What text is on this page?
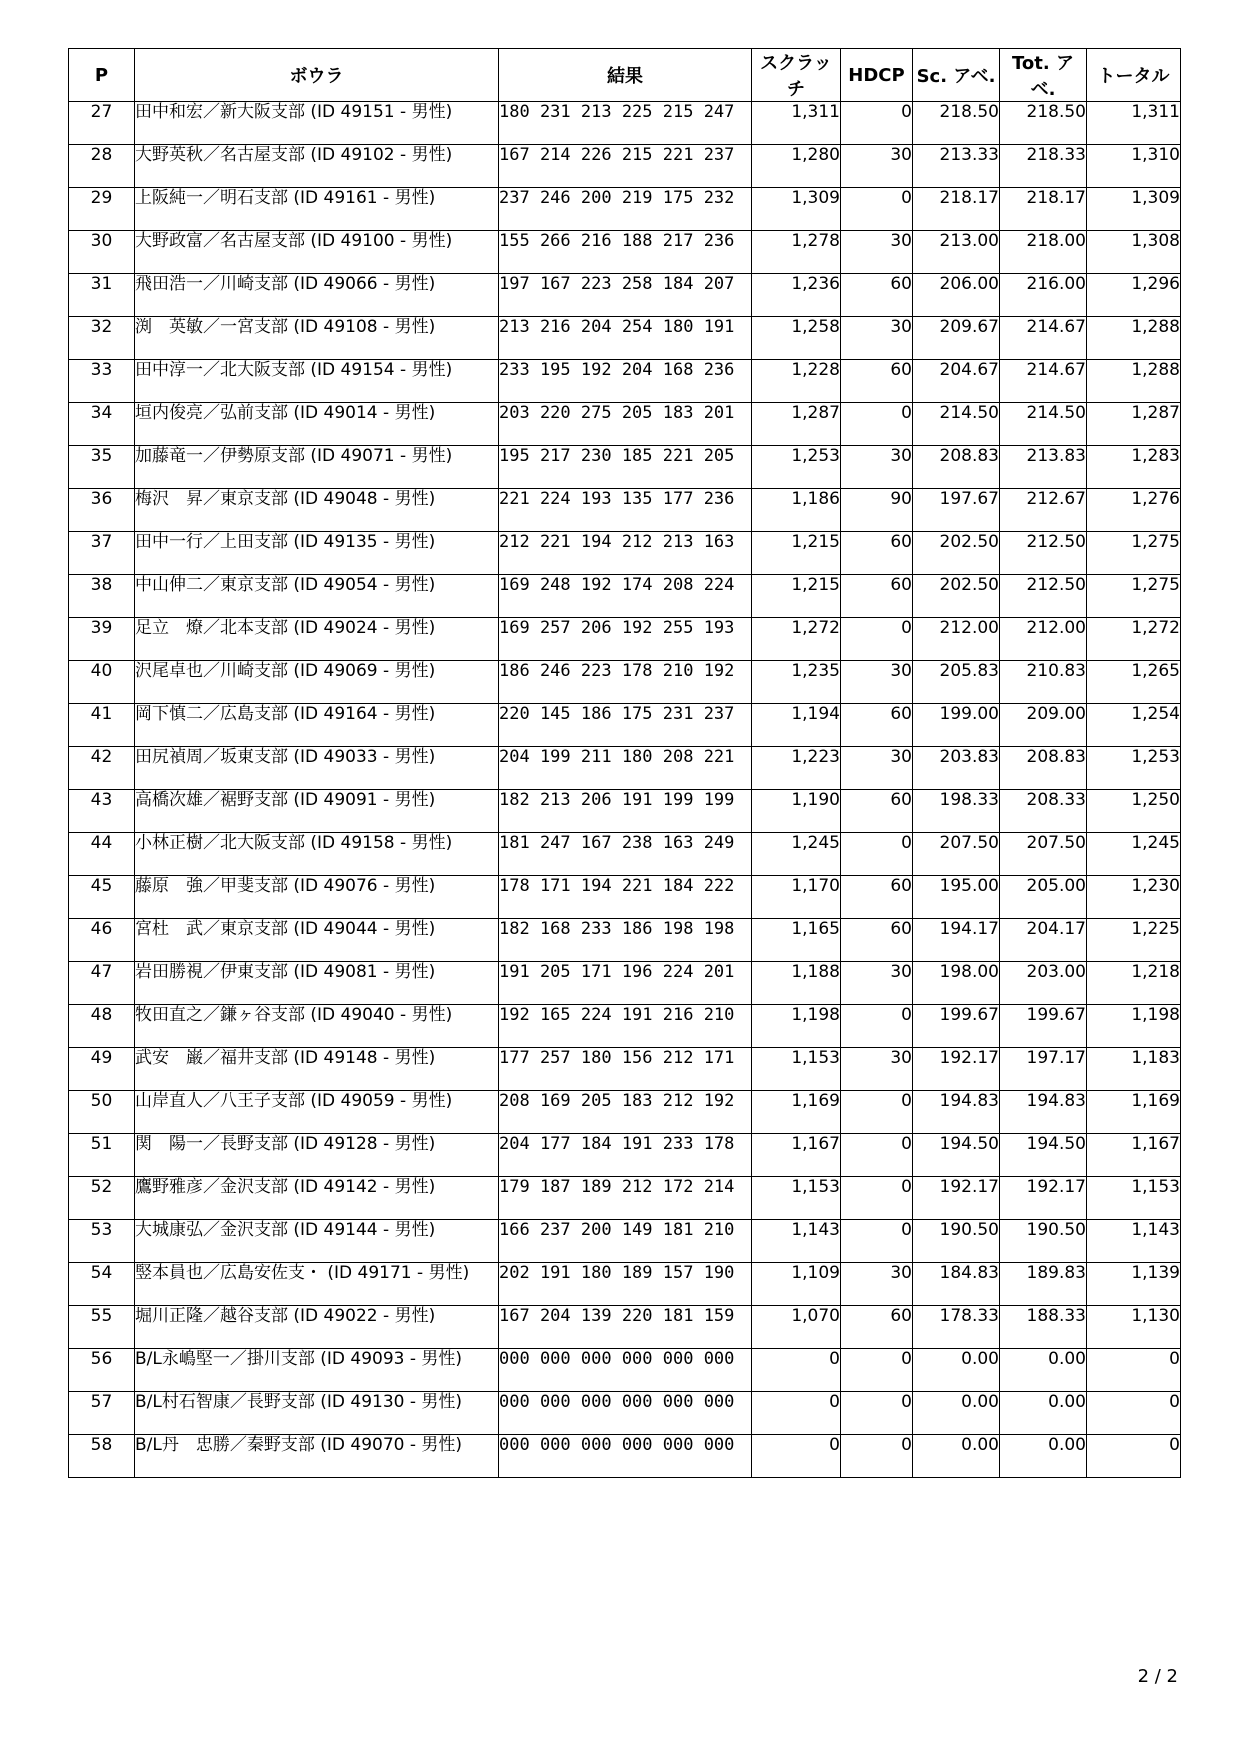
P	ボウラ	結果	スクラッチ	HDCP	Sc. アベ.	Tot. アベ.	トータル
27	田中和宏／新大阪支部 (ID 49151 - 男性)	180 231 213 225 215 247	1,311	0	218.50	218.50	1,311
28	大野英秋／名古屋支部 (ID 49102 - 男性)	167 214 226 215 221 237	1,280	30	213.33	218.33	1,310
29	上阪純一／明石支部 (ID 49161 - 男性)	237 246 200 219 175 232	1,309	0	218.17	218.17	1,309
30	大野政富／名古屋支部 (ID 49100 - 男性)	155 266 216 188 217 236	1,278	30	213.00	218.00	1,308
31	飛田浩一／川崎支部 (ID 49066 - 男性)	197 167 223 258 184 207	1,236	60	206.00	216.00	1,296
32	渕　英敏／一宮支部 (ID 49108 - 男性)	213 216 204 254 180 191	1,258	30	209.67	214.67	1,288
33	田中淳一／北大阪支部 (ID 49154 - 男性)	233 195 192 204 168 236	1,228	60	204.67	214.67	1,288
34	垣内俊亮／弘前支部 (ID 49014 - 男性)	203 220 275 205 183 201	1,287	0	214.50	214.50	1,287
35	加藤竜一／伊勢原支部 (ID 49071 - 男性)	195 217 230 185 221 205	1,253	30	208.83	213.83	1,283
36	梅沢　昇／東京支部 (ID 49048 - 男性)	221 224 193 135 177 236	1,186	90	197.67	212.67	1,276
37	田中一行／上田支部 (ID 49135 - 男性)	212 221 194 212 213 163	1,215	60	202.50	212.50	1,275
38	中山伸二／東京支部 (ID 49054 - 男性)	169 248 192 174 208 224	1,215	60	202.50	212.50	1,275
39	足立　燎／北本支部 (ID 49024 - 男性)	169 257 206 192 255 193	1,272	0	212.00	212.00	1,272
40	沢尾卓也／川崎支部 (ID 49069 - 男性)	186 246 223 178 210 192	1,235	30	205.83	210.83	1,265
41	岡下慎二／広島支部 (ID 49164 - 男性)	220 145 186 175 231 237	1,194	60	199.00	209.00	1,254
42	田尻禎周／坂東支部 (ID 49033 - 男性)	204 199 211 180 208 221	1,223	30	203.83	208.83	1,253
43	高橋次雄／裾野支部 (ID 49091 - 男性)	182 213 206 191 199 199	1,190	60	198.33	208.33	1,250
44	小林正樹／北大阪支部 (ID 49158 - 男性)	181 247 167 238 163 249	1,245	0	207.50	207.50	1,245
45	藤原　強／甲斐支部 (ID 49076 - 男性)	178 171 194 221 184 222	1,170	60	195.00	205.00	1,230
46	宮杜　武／東京支部 (ID 49044 - 男性)	182 168 233 186 198 198	1,165	60	194.17	204.17	1,225
47	岩田勝視／伊東支部 (ID 49081 - 男性)	191 205 171 196 224 201	1,188	30	198.00	203.00	1,218
48	牧田直之／鎌ヶ谷支部 (ID 49040 - 男性)	192 165 224 191 216 210	1,198	0	199.67	199.67	1,198
49	武安　巌／福井支部 (ID 49148 - 男性)	177 257 180 156 212 171	1,153	30	192.17	197.17	1,183
50	山岸直人／八王子支部 (ID 49059 - 男性)	208 169 205 183 212 192	1,169	0	194.83	194.83	1,169
51	関　陽一／長野支部 (ID 49128 - 男性)	204 177 184 191 233 178	1,167	0	194.50	194.50	1,167
52	鷹野雅彦／金沢支部 (ID 49142 - 男性)	179 187 189 212 172 214	1,153	0	192.17	192.17	1,153
53	大城康弘／金沢支部 (ID 49144 - 男性)	166 237 200 149 181 210	1,143	0	190.50	190.50	1,143
54	竪本員也／広島安佐支・ (ID 49171 - 男性)	202 191 180 189 157 190	1,109	30	184.83	189.83	1,139
55	堀川正隆／越谷支部 (ID 49022 - 男性)	167 204 139 220 181 159	1,070	60	178.33	188.33	1,130
56	B/L永嶋堅一／掛川支部 (ID 49093 - 男性)	000 000 000 000 000 000	0	0	0.00	0.00	0
57	B/L村石智康／長野支部 (ID 49130 - 男性)	000 000 000 000 000 000	0	0	0.00	0.00	0
58	B/L丹　忠勝／秦野支部 (ID 49070 - 男性)	000 000 000 000 000 000	0	0	0.00	0.00	0
2 / 2
